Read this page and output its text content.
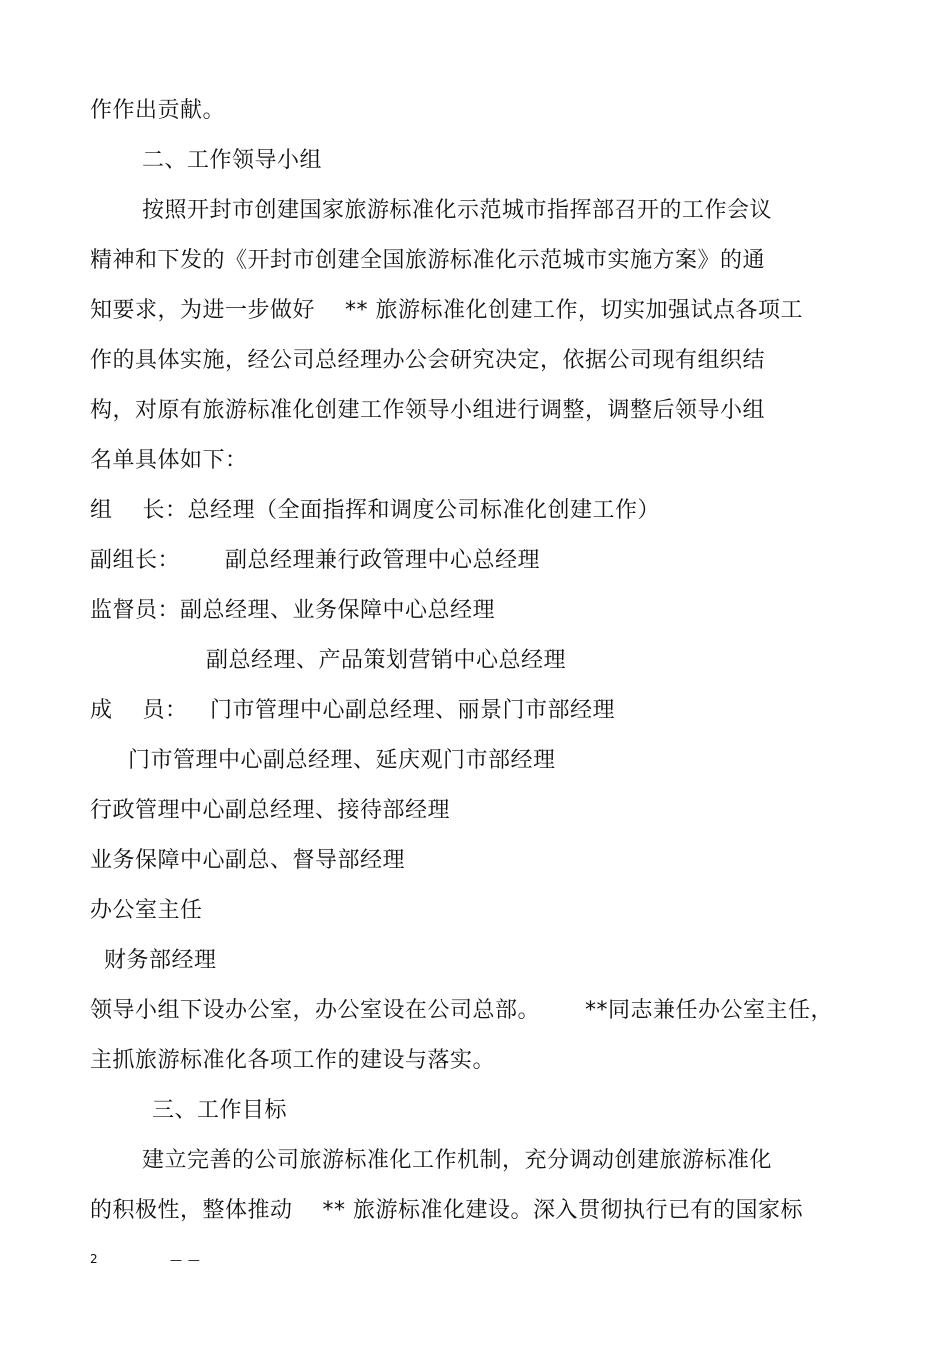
作作出贡献。
二、工作领导小组
按照开封市创建国家旅游标准化示范城市指挥部召开的工作会议
精神和下发的《开封市创建全国旅游标准化示范城市实施方案》的通
知要求，为进一步做好    ** 旅游标准化创建工作，切实加强试点各项工
作的具体实施，经公司总经理办公会研究决定，依据公司现有组织结
构，对原有旅游标准化创建工作领导小组进行调整，调整后领导小组
名单具体如下：
组    长：总经理（全面指挥和调度公司标准化创建工作）
副组长：      副总经理兼行政管理中心总经理
监督员：副总经理、业务保障中心总经理
副总经理、产品策划营销中心总经理
成    员：   门市管理中心副总经理、丽景门市部经理
门市管理中心副总经理、延庆观门市部经理
行政管理中心副总经理、接待部经理
业务保障中心副总、督导部经理
办公室主任
财务部经理
领导小组下设办公室，办公室设在公司总部。      **同志兼任办公室主任，
主抓旅游标准化各项工作的建设与落实。
三、工作目标
建立完善的公司旅游标准化工作机制，充分调动创建旅游标准化
的积极性，整体推动    ** 旅游标准化建设。深入贯彻执行已有的国家标
2	— —
